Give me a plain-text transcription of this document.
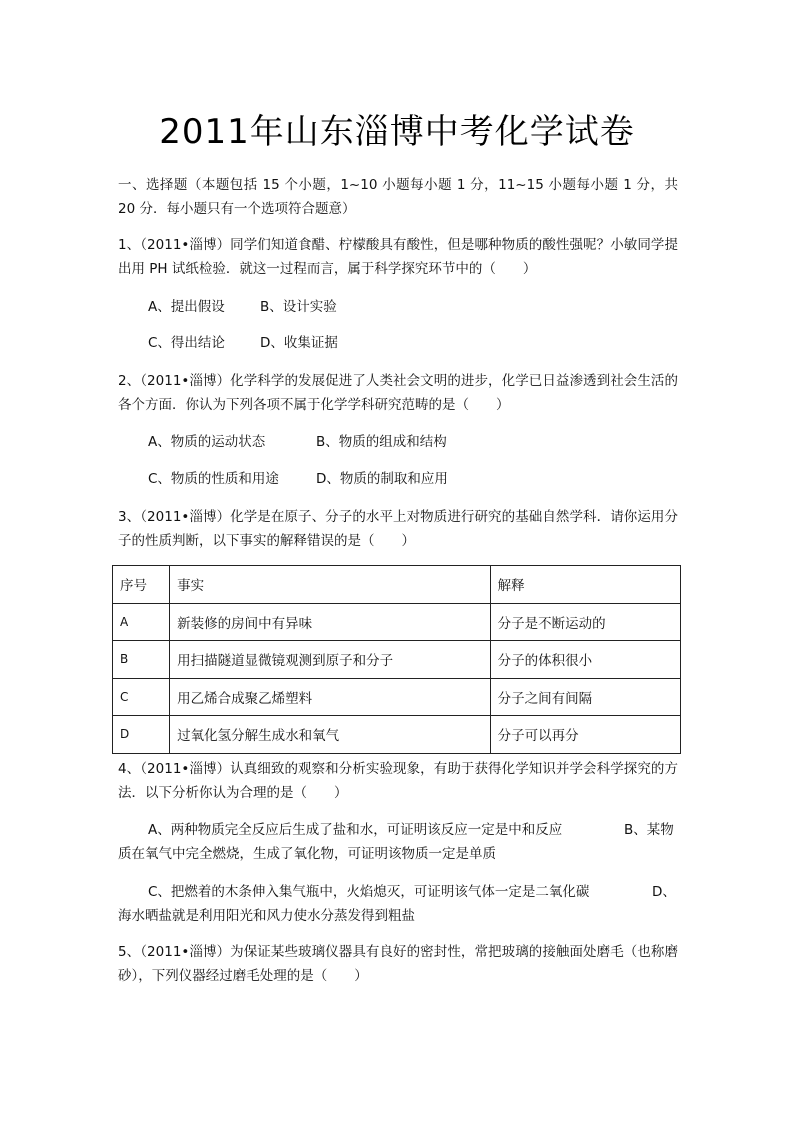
2011年山东淄博中考化学试卷
一、选择题（本题包括 15 个小题，1~10 小题每小题 1 分，11~15 小题每小题 1 分，共 20 分．每小题只有一个选项符合题意）
1、（2011•淄博）同学们知道食醋、柠檬酸具有酸性，但是哪种物质的酸性强呢？小敏同学提出用 PH 试纸检验．就这一过程而言，属于科学探究环节中的（　　）
A、提出假设	B、设计实验
C、得出结论	D、收集证据
2、（2011•淄博）化学科学的发展促进了人类社会文明的进步，化学已日益渗透到社会生活的各个方面．你认为下列各项不属于化学学科研究范畴的是（　　）
A、物质的运动状态	B、物质的组成和结构
C、物质的性质和用途	D、物质的制取和应用
3、（2011•淄博）化学是在原子、分子的水平上对物质进行研究的基础自然学科．请你运用分子的性质判断，以下事实的解释错误的是（　　）
序号	事实	解释
A	新装修的房间中有异味	分子是不断运动的
B	用扫描隧道显微镜观测到原子和分子	分子的体积很小
C	用乙烯合成聚乙烯塑料	分子之间有间隔
D	过氧化氢分解生成水和氧气	分子可以再分
4、（2011•淄博）认真细致的观察和分析实验现象，有助于获得化学知识并学会科学探究的方法．以下分析你认为合理的是（　　）
A、两种物质完全反应后生成了盐和水，可证明该反应一定是中和反应	B、某物
质在氧气中完全燃烧，生成了氧化物，可证明该物质一定是单质
C、把燃着的木条伸入集气瓶中，火焰熄灭，可证明该气体一定是二氧化碳	D、
海水晒盐就是利用阳光和风力使水分蒸发得到粗盐
5、（2011•淄博）为保证某些玻璃仪器具有良好的密封性，常把玻璃的接触面处磨毛（也称磨砂），下列仪器经过磨毛处理的是（　　）
